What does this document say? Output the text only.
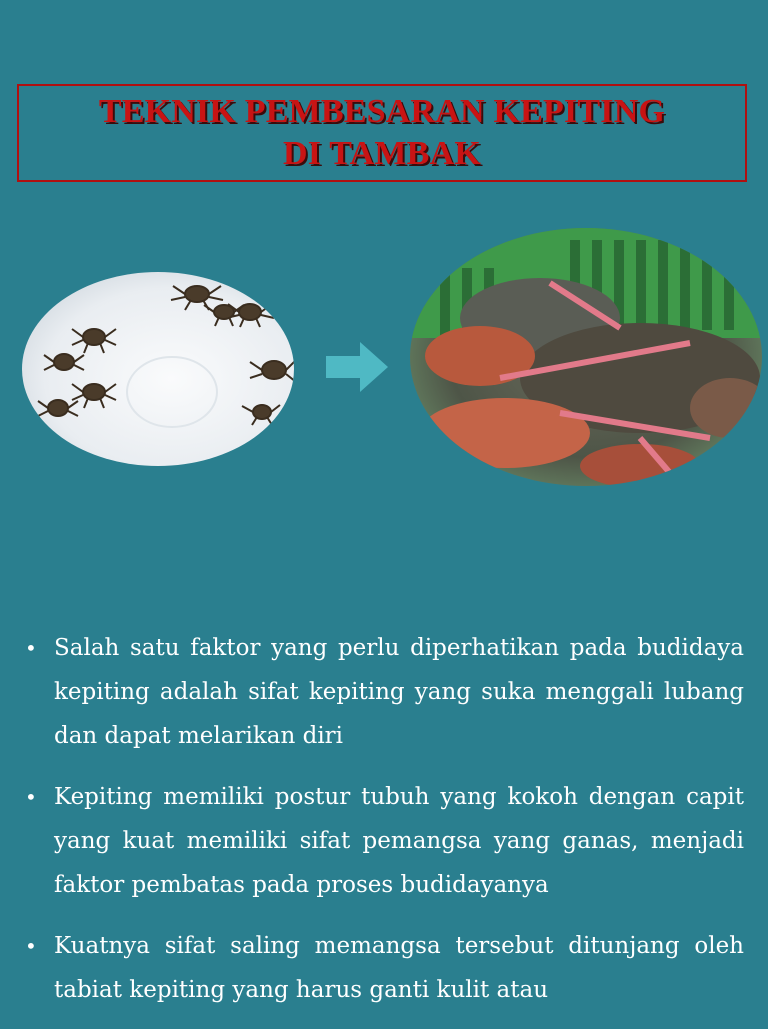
TEKNIK PEMBESARAN KEPITING
DI TAMBAK
• Salah satu faktor yang perlu diperhatikan pada budidaya kepiting adalah sifat kepiting yang suka menggali lubang dan dapat melarikan diri
• Kepiting memiliki postur tubuh yang kokoh dengan capit yang kuat memiliki sifat pemangsa yang ganas, menjadi faktor pembatas pada proses budidayanya
• Kuatnya sifat saling memangsa tersebut ditunjang oleh tabiat kepiting yang harus ganti kulit atau
